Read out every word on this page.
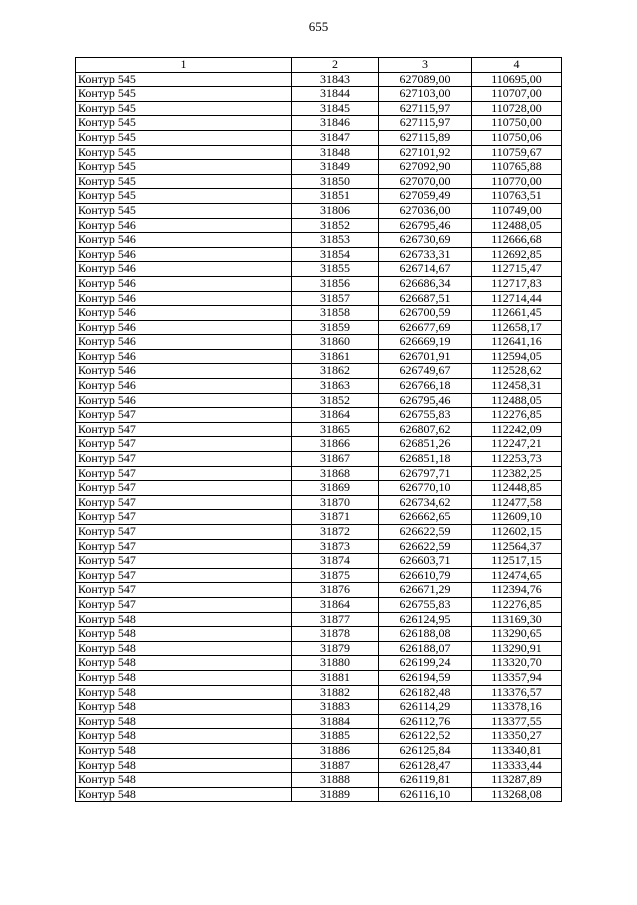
655
1	2	3	4
Контур 545	31843	627089,00	110695,00
Контур 545	31844	627103,00	110707,00
Контур 545	31845	627115,97	110728,00
Контур 545	31846	627115,97	110750,00
Контур 545	31847	627115,89	110750,06
Контур 545	31848	627101,92	110759,67
Контур 545	31849	627092,90	110765,88
Контур 545	31850	627070,00	110770,00
Контур 545	31851	627059,49	110763,51
Контур 545	31806	627036,00	110749,00
Контур 546	31852	626795,46	112488,05
Контур 546	31853	626730,69	112666,68
Контур 546	31854	626733,31	112692,85
Контур 546	31855	626714,67	112715,47
Контур 546	31856	626686,34	112717,83
Контур 546	31857	626687,51	112714,44
Контур 546	31858	626700,59	112661,45
Контур 546	31859	626677,69	112658,17
Контур 546	31860	626669,19	112641,16
Контур 546	31861	626701,91	112594,05
Контур 546	31862	626749,67	112528,62
Контур 546	31863	626766,18	112458,31
Контур 546	31852	626795,46	112488,05
Контур 547	31864	626755,83	112276,85
Контур 547	31865	626807,62	112242,09
Контур 547	31866	626851,26	112247,21
Контур 547	31867	626851,18	112253,73
Контур 547	31868	626797,71	112382,25
Контур 547	31869	626770,10	112448,85
Контур 547	31870	626734,62	112477,58
Контур 547	31871	626662,65	112609,10
Контур 547	31872	626622,59	112602,15
Контур 547	31873	626622,59	112564,37
Контур 547	31874	626603,71	112517,15
Контур 547	31875	626610,79	112474,65
Контур 547	31876	626671,29	112394,76
Контур 547	31864	626755,83	112276,85
Контур 548	31877	626124,95	113169,30
Контур 548	31878	626188,08	113290,65
Контур 548	31879	626188,07	113290,91
Контур 548	31880	626199,24	113320,70
Контур 548	31881	626194,59	113357,94
Контур 548	31882	626182,48	113376,57
Контур 548	31883	626114,29	113378,16
Контур 548	31884	626112,76	113377,55
Контур 548	31885	626122,52	113350,27
Контур 548	31886	626125,84	113340,81
Контур 548	31887	626128,47	113333,44
Контур 548	31888	626119,81	113287,89
Контур 548	31889	626116,10	113268,08
